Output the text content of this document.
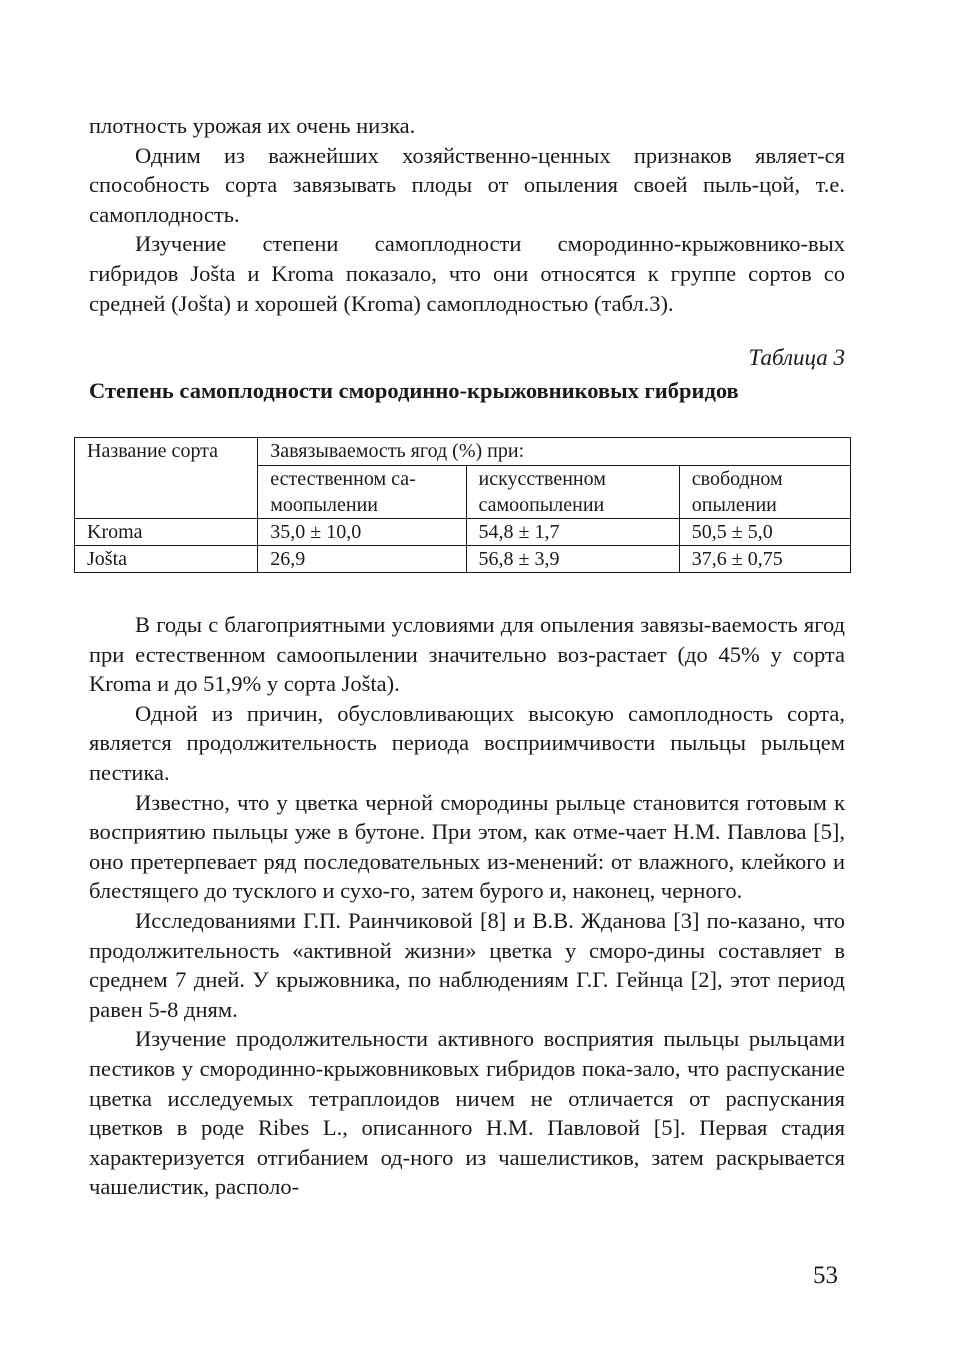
плотность урожая их очень низка.

Одним из важнейших хозяйственно-ценных признаков являет-ся способность сорта завязывать плоды от опыления своей пыль-цой, т.е. самоплодность.

Изучение степени самоплодности смородинно-крыжовнико-вых гибридов Jošta и Kroma показало, что они относятся к группе сортов со средней (Jošta) и хорошей (Kroma) самоплодностью (табл.3).

Таблица 3

Степень самоплодности смородинно-крыжовниковых гибридов

Название сорта	Завязываемость ягод (%) при:		
	естественном са-моопылении	искусственном самоопылении	свободном опылении
Kroma	35,0 ± 10,0	54,8 ± 1,7	50,5 ± 5,0
Jošta	26,9	56,8 ± 3,9	37,6 ± 0,75

В годы с благоприятными условиями для опыления завязы-ваемость ягод при естественном самоопылении значительно воз-растает (до 45% у сорта Kroma и до 51,9% у сорта Jošta).

Одной из причин, обусловливающих высокую самоплодность сорта, является продолжительность периода восприимчивости пыльцы рыльцем пестика.

Известно, что у цветка черной смородины рыльце становится готовым к восприятию пыльцы уже в бутоне. При этом, как отме-чает Н.М. Павлова [5], оно претерпевает ряд последовательных из-менений: от влажного, клейкого и блестящего до тусклого и сухо-го, затем бурого и, наконец, черного.

Исследованиями Г.П. Раинчиковой [8] и В.В. Жданова [3] по-казано, что продолжительность «активной жизни» цветка у сморо-дины составляет в среднем 7 дней. У крыжовника, по наблюдениям Г.Г. Гейнца [2], этот период равен 5-8 дням.

Изучение продолжительности активного восприятия пыльцы рыльцами пестиков у смородинно-крыжовниковых гибридов пока-зало, что распускание цветка исследуемых тетраплоидов ничем не отличается от распускания цветков в роде Ribes L., описанного Н.М. Павловой [5]. Первая стадия характеризуется отгибанием од-ного из чашелистиков, затем раскрывается чашелистик, располо-

53
